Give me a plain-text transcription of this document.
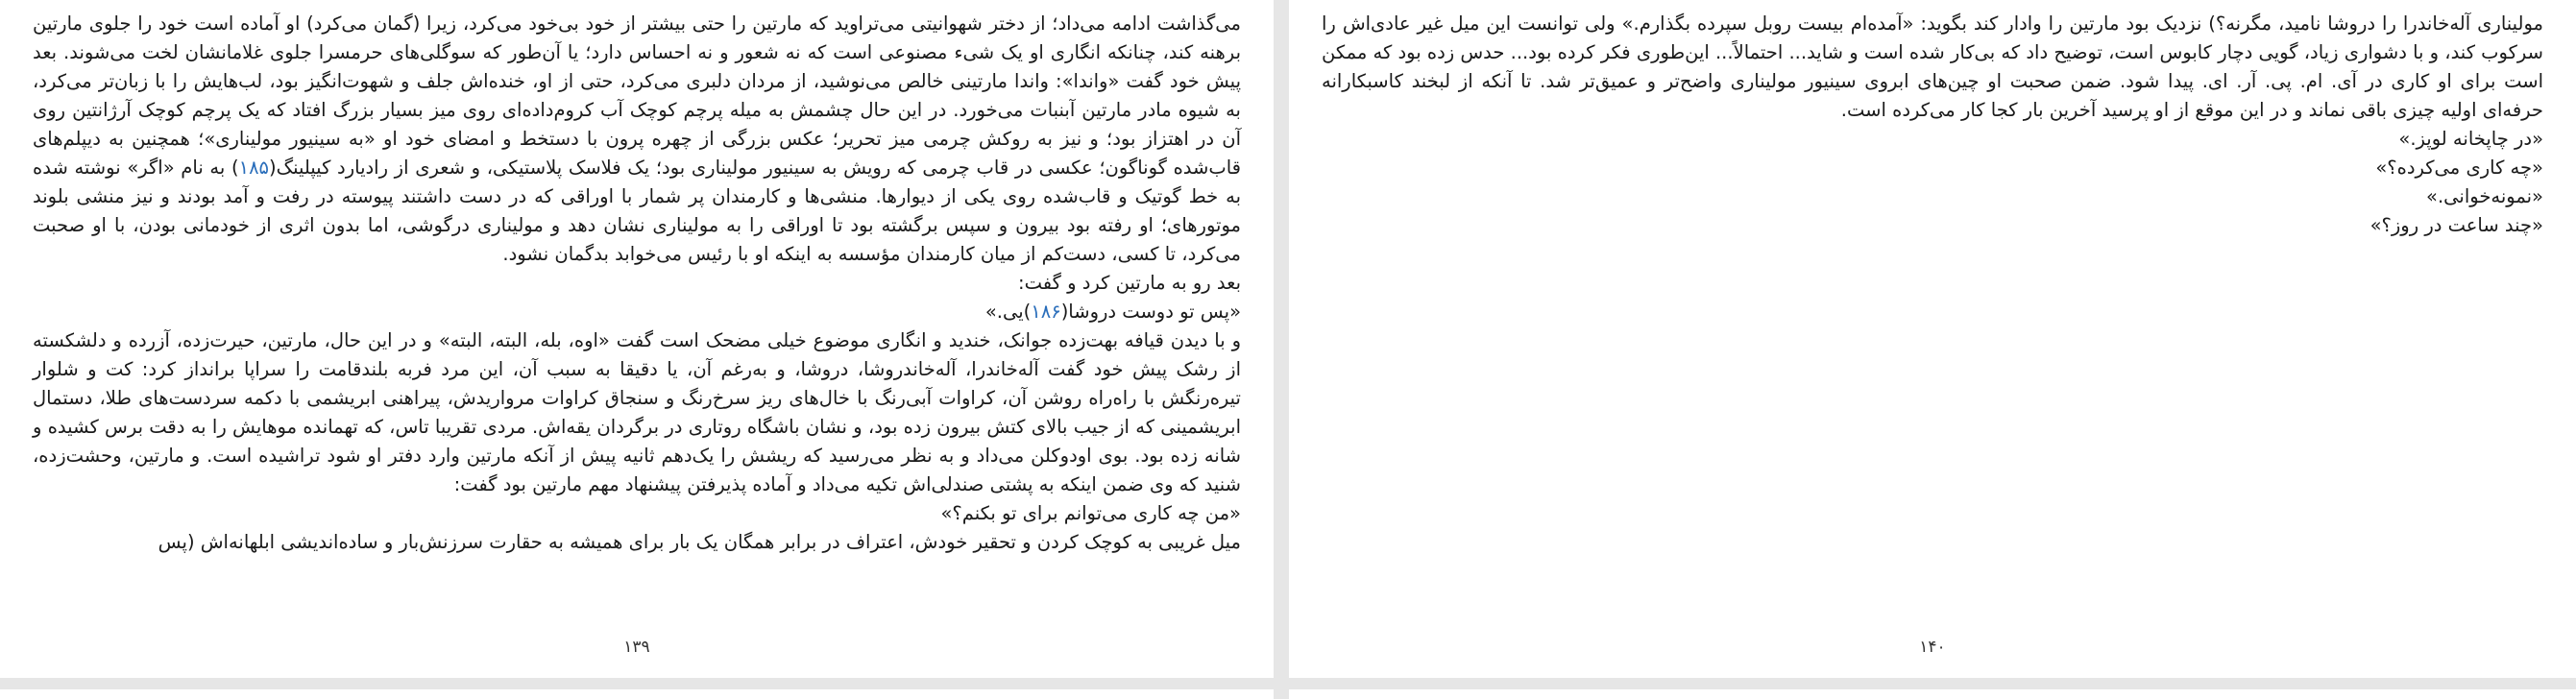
مولیناری آله‌خاندرا را دروشا نامید، مگرنه؟) نزدیک بود مارتین را وادار کند بگوید: «آمده‌ام بیست روبل سپرده بگذارم.» ولی توانست این میل غیر عادی‌اش را سرکوب کند، و با دشواری زیاد، گویی دچار کابوس است، توضیح داد که بی‌کار شده است و شاید... احتمالاً... این‌طوری فکر کرده بود... حدس زده بود که ممکن است برای او کاری در آی. ام. پی. آر. ای. پیدا شود. ضمن صحبت او چین‌های ابروی سینیور مولیناری واضح‌تر و عمیق‌تر شد. تا آنکه از لبخند کاسبکارانه حرفه‌ای اولیه چیزی باقی نماند و در این موقع از او پرسید آخرین بار کجا کار می‌کرده است.

«در چاپخانه لوپز.»

«چه کاری می‌کرده؟»

«نمونه‌خوانی.»

«چند ساعت در روز؟»

۱۴۰

می‌گذاشت ادامه می‌داد؛ از دختر شهوانیتی می‌تراوید که مارتین را حتی بیشتر از خود بی‌خود می‌کرد، زیرا (گمان می‌کرد) او آماده است خود را جلوی مارتین برهنه کند، چنانکه انگاری او یک شیء مصنوعی است که نه شعور و نه احساس دارد؛ یا آن‌طور که سوگلی‌های حرمسرا جلوی غلامانشان لخت می‌شوند. بعد پیش خود گفت «واندا»: واندا مارتینی خالص می‌نوشید، از مردان دلبری می‌کرد، حتی از او، خنده‌اش جلف و شهوت‌انگیز بود، لب‌هایش را با زبان‌تر می‌کرد، به شیوه مادر مارتین آبنبات می‌خورد. در این حال چشمش به میله پرچم کوچک آب کروم‌داده‌ای روی میز بسیار بزرگ افتاد که یک پرچم کوچک آرژانتین روی آن در اهتزاز بود؛ و نیز به روکش چرمی میز تحریر؛ عکس بزرگی از چهره پرون با دستخط و امضای خود او «به سینیور مولیناری»؛ همچنین به دیپلم‌های قاب‌شده گوناگون؛ عکسی در قاب چرمی که رویش به سینیور مولیناری بود؛ یک فلاسک پلاستیکی، و شعری از رادیارد کیپلینگ(۱۸۵) به نام «اگر» نوشته شده به خط گوتیک و قاب‌شده روی یکی از دیوارها. منشی‌ها و کارمندان پر شمار با اوراقی که در دست داشتند پیوسته در رفت و آمد بودند و نیز منشی بلوند موتورهای؛ او رفته بود بیرون و سپس برگشته بود تا اوراقی را به مولیناری نشان دهد و مولیناری درگوشی، اما بدون اثری از خودمانی بودن، با او صحبت می‌کرد، تا کسی، دست‌کم از میان کارمندان مؤسسه به اینکه او با رئیس می‌خوابد بدگمان نشود.

بعد رو به مارتین کرد و گفت:

«پس تو دوست دروشا(۱۸۶)یی.»

و با دیدن قیافه بهت‌زده جوانک، خندید و انگاری موضوع خیلی مضحک است گفت «اوه، بله، البته، البته» و در این حال، مارتین، حیرت‌زده، آزرده و دلشکسته از رشک پیش خود گفت آله‌خاندرا، آله‌خاندروشا، دروشا، و به‌رغم آن، یا دقیقا به سبب آن، این مرد فربه بلندقامت را سراپا برانداز کرد: کت و شلوار تیره‌رنگش با راه‌راه روشن آن، کراوات آبی‌رنگ با خال‌های ریز سرخ‌رنگ و سنجاق کراوات مرواریدش، پیراهنی ابریشمی با دکمه سردست‌های طلا، دستمال ابریشمینی که از جیب بالای کتش بیرون زده بود، و نشان باشگاه روتاری در برگردان یقه‌اش. مردی تقریبا تاس، که تهمانده موهایش را به دقت برس کشیده و شانه زده بود. بوی اودوکلن می‌داد و به نظر می‌رسید که ریشش را یک‌دهم ثانیه پیش از آنکه مارتین وارد دفتر او شود تراشیده است. و مارتین، وحشت‌زده، شنید که وی ضمن اینکه به پشتی صندلی‌اش تکیه می‌داد و آماده پذیرفتن پیشنهاد مهم مارتین بود گفت:

«من چه کاری می‌توانم برای تو بکنم؟»

میل غریبی به کوچک کردن و تحقیر خودش، اعتراف در برابر همگان یک بار برای همیشه به حقارت سرزنش‌بار و ساده‌اندیشی ابلهانه‌اش (پس

۱۳۹
